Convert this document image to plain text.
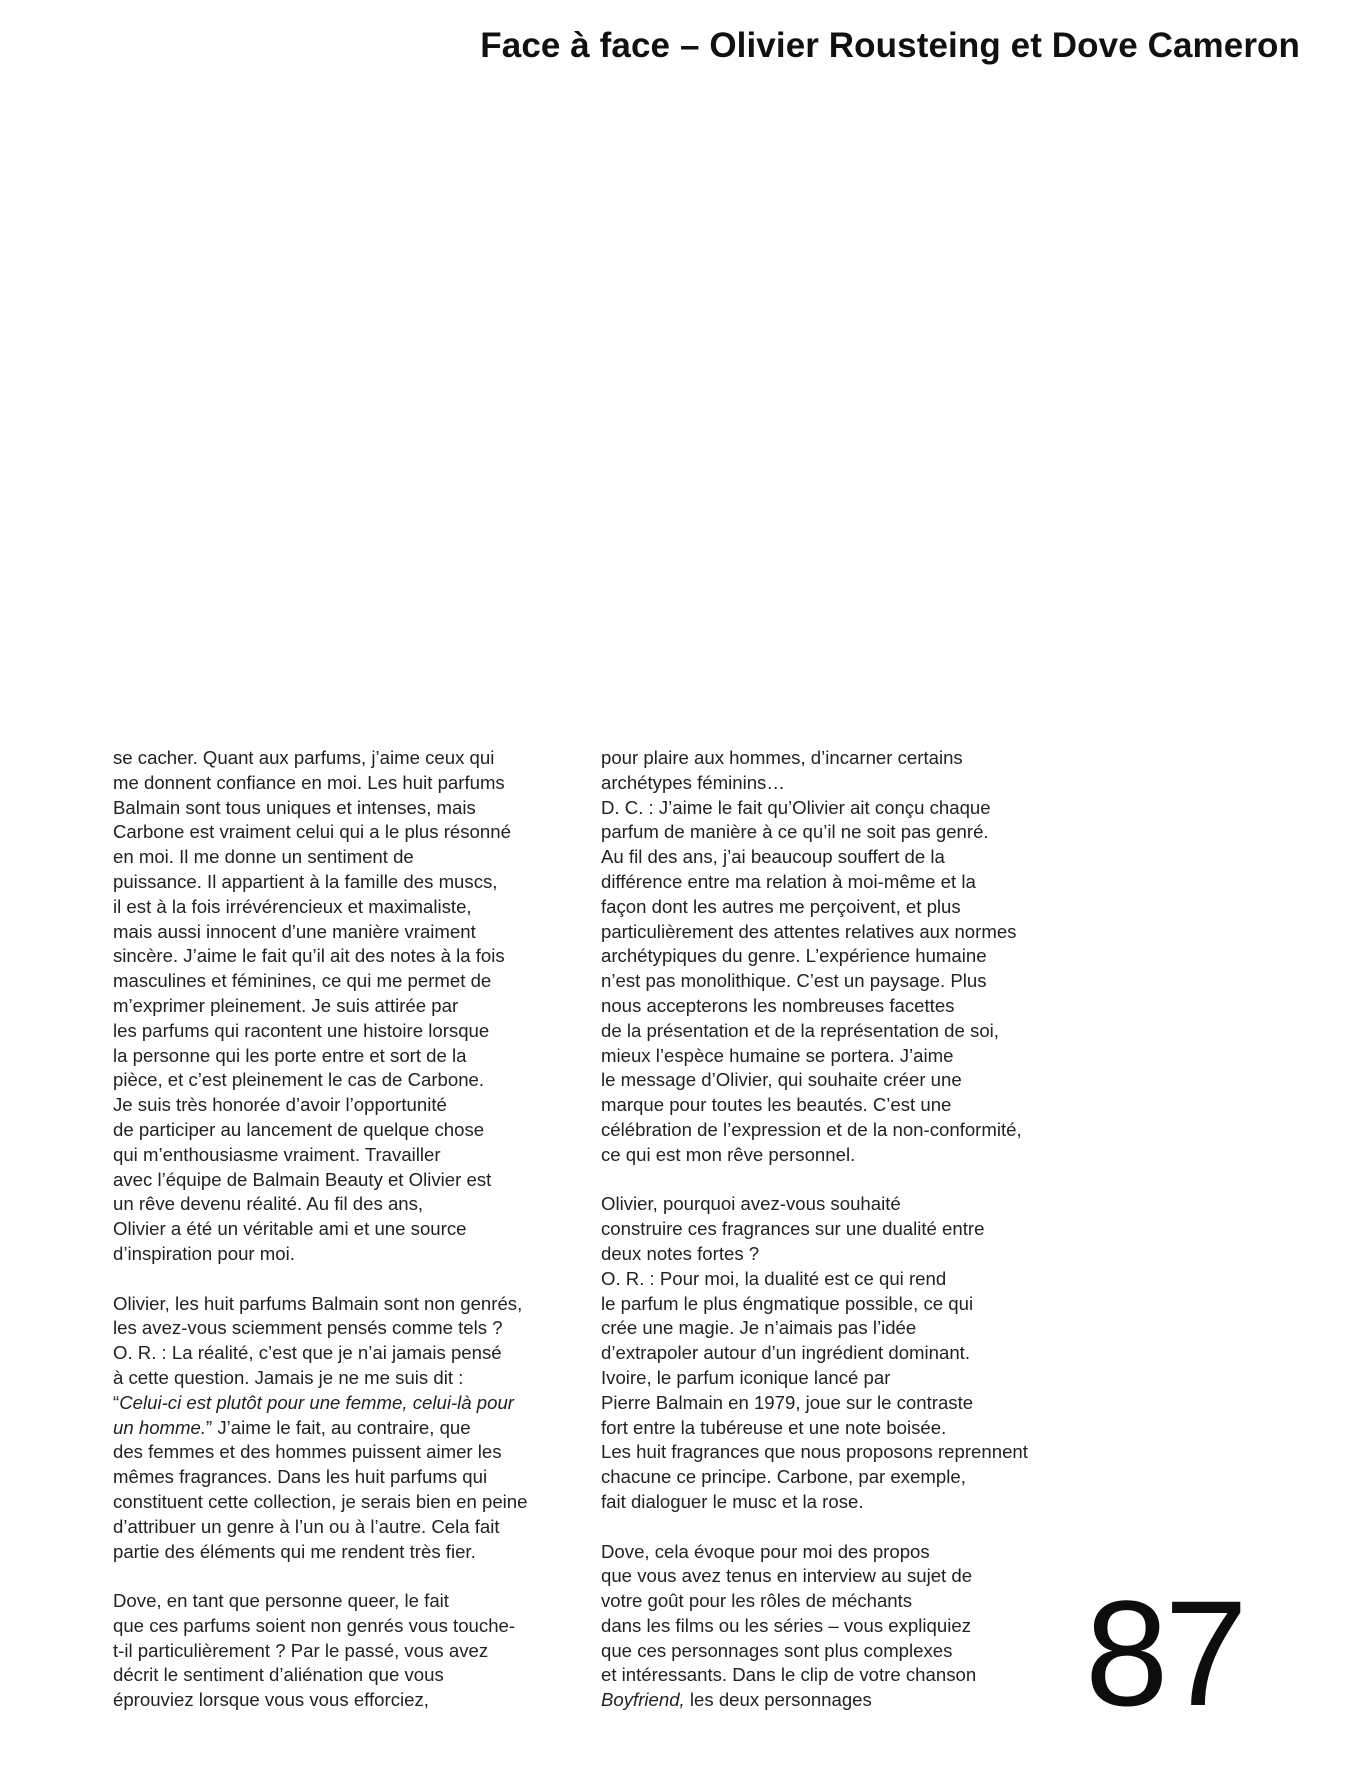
Face à face – Olivier Rousteing et Dove Cameron

se cacher. Quant aux parfums, j’aime ceux qui
me donnent confiance en moi. Les huit parfums
Balmain sont tous uniques et intenses, mais
Carbone est vraiment celui qui a le plus résonné
en moi. Il me donne un sentiment de
puissance. Il appartient à la famille des muscs,
il est à la fois irrévérencieux et maximaliste,
mais aussi innocent d’une manière vraiment
sincère. J’aime le fait qu’il ait des notes à la fois
masculines et féminines, ce qui me permet de
m’exprimer pleinement. Je suis attirée par
les parfums qui racontent une histoire lorsque
la personne qui les porte entre et sort de la
pièce, et c’est pleinement le cas de Carbone.
Je suis très honorée d’avoir l’opportunité
de participer au lancement de quelque chose
qui m’enthousiasme vraiment. Travailler
avec l’équipe de Balmain Beauty et Olivier est
un rêve devenu réalité. Au fil des ans,
Olivier a été un véritable ami et une source
d’inspiration pour moi.

Olivier, les huit parfums Balmain sont non genrés,
les avez-vous sciemment pensés comme tels ?
O. R. : La réalité, c’est que je n’ai jamais pensé
à cette question. Jamais je ne me suis dit :
“Celui-ci est plutôt pour une femme, celui-là pour
un homme.” J’aime le fait, au contraire, que
des femmes et des hommes puissent aimer les
mêmes fragrances. Dans les huit parfums qui
constituent cette collection, je serais bien en peine
d’attribuer un genre à l’un ou à l’autre. Cela fait
partie des éléments qui me rendent très fier.

Dove, en tant que personne queer, le fait
que ces parfums soient non genrés vous touche-
t-il particulièrement ? Par le passé, vous avez
décrit le sentiment d’aliénation que vous
éprouviez lorsque vous vous efforciez,

pour plaire aux hommes, d’incarner certains
archétypes féminins…
D. C. : J’aime le fait qu’Olivier ait conçu chaque
parfum de manière à ce qu’il ne soit pas genré.
Au fil des ans, j’ai beaucoup souffert de la
différence entre ma relation à moi-même et la
façon dont les autres me perçoivent, et plus
particulièrement des attentes relatives aux normes
archétypiques du genre. L’expérience humaine
n’est pas monolithique. C’est un paysage. Plus
nous accepterons les nombreuses facettes
de la présentation et de la représentation de soi,
mieux l’espèce humaine se portera. J’aime
le message d’Olivier, qui souhaite créer une
marque pour toutes les beautés. C’est une
célébration de l’expression et de la non-conformité,
ce qui est mon rêve personnel.

Olivier, pourquoi avez-vous souhaité
construire ces fragrances sur une dualité entre
deux notes fortes ?
O. R. : Pour moi, la dualité est ce qui rend
le parfum le plus éngmatique possible, ce qui
crée une magie. Je n’aimais pas l’idée
d’extrapoler autour d’un ingrédient dominant.
Ivoire, le parfum iconique lancé par
Pierre Balmain en 1979, joue sur le contraste
fort entre la tubéreuse et une note boisée.
Les huit fragrances que nous proposons reprennent
chacune ce principe. Carbone, par exemple,
fait dialoguer le musc et la rose.

Dove, cela évoque pour moi des propos
que vous avez tenus en interview au sujet de
votre goût pour les rôles de méchants
dans les films ou les séries – vous expliquiez
que ces personnages sont plus complexes
et intéressants. Dans le clip de votre chanson
Boyfriend, les deux personnages	87
